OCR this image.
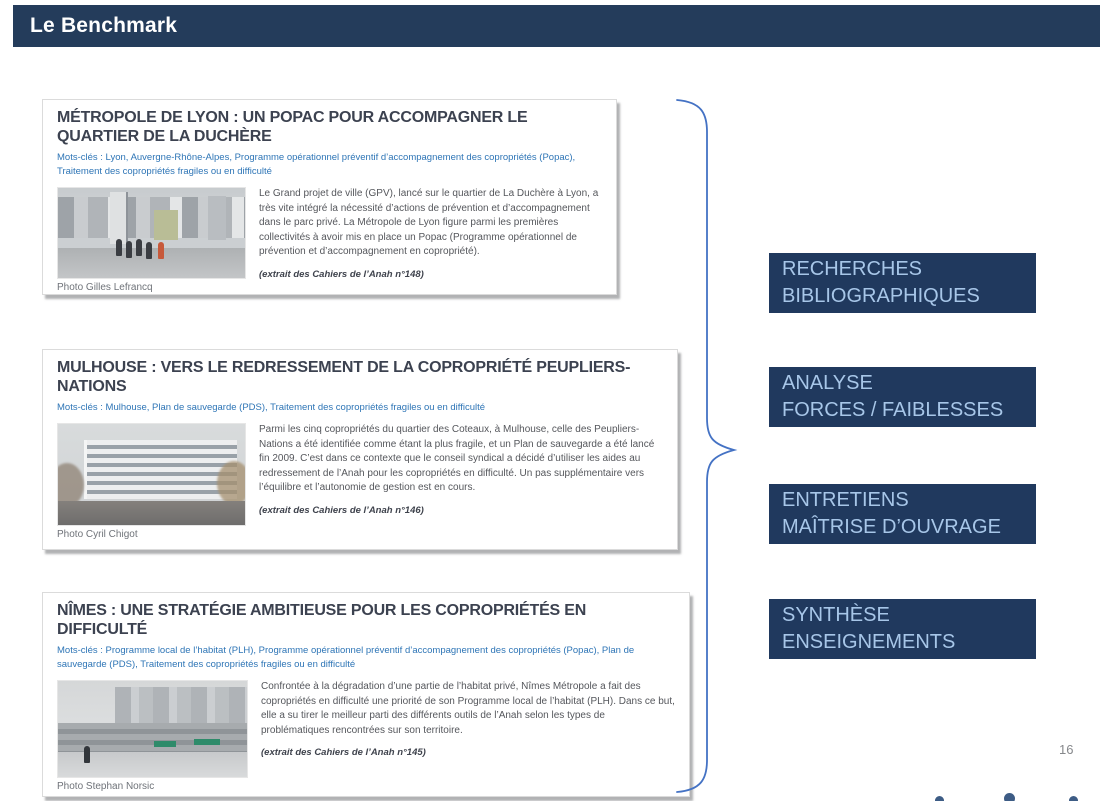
Le Benchmark
MÉTROPOLE DE LYON : UN POPAC POUR ACCOMPAGNER LE QUARTIER DE LA DUCHÈRE
Mots-clés : Lyon, Auvergne-Rhône-Alpes, Programme opérationnel préventif d’accompagnement des copropriétés (Popac), Traitement des copropriétés fragiles ou en difficulté
Photo Gilles Lefrancq
Le Grand projet de ville (GPV), lancé sur le quartier de La Duchère à Lyon, a très vite intégré la nécessité d’actions de prévention et d’accompagnement dans le parc privé. La Métropole de Lyon figure parmi les premières collectivités à avoir mis en place un Popac (Programme opérationnel de prévention et d’accompagnement en copropriété).
(extrait des Cahiers de l’Anah n°148)
MULHOUSE : VERS LE REDRESSEMENT DE LA COPROPRIÉTÉ PEUPLIERS-NATIONS
Mots-clés : Mulhouse, Plan de sauvegarde (PDS), Traitement des copropriétés fragiles ou en difficulté
Photo Cyril Chigot
Parmi les cinq copropriétés du quartier des Coteaux, à Mulhouse, celle des Peupliers-Nations a été identifiée comme étant la plus fragile, et un Plan de sauvegarde a été lancé fin 2009. C’est dans ce contexte que le conseil syndical a décidé d’utiliser les aides au redressement de l’Anah pour les copropriétés en difficulté. Un pas supplémentaire vers l’équilibre et l’autonomie de gestion est en cours.
(extrait des Cahiers de l’Anah n°146)
NÎMES : UNE STRATÉGIE AMBITIEUSE POUR LES COPROPRIÉTÉS EN DIFFICULTÉ
Mots-clés : Programme local de l’habitat (PLH), Programme opérationnel préventif d’accompagnement des copropriétés (Popac), Plan de sauvegarde (PDS), Traitement des copropriétés fragiles ou en difficulté
Photo Stephan Norsic
Confrontée à la dégradation d’une partie de l’habitat privé, Nîmes Métropole a fait des copropriétés en difficulté une priorité de son Programme local de l’habitat (PLH). Dans ce but, elle a su tirer le meilleur parti des différents outils de l’Anah selon les types de problématiques rencontrées sur son territoire.
(extrait des Cahiers de l’Anah n°145)
RECHERCHES
BIBLIOGRAPHIQUES
ANALYSE
FORCES / FAIBLESSES
ENTRETIENS
MAÎTRISE D’OUVRAGE
SYNTHÈSE
ENSEIGNEMENTS
16
